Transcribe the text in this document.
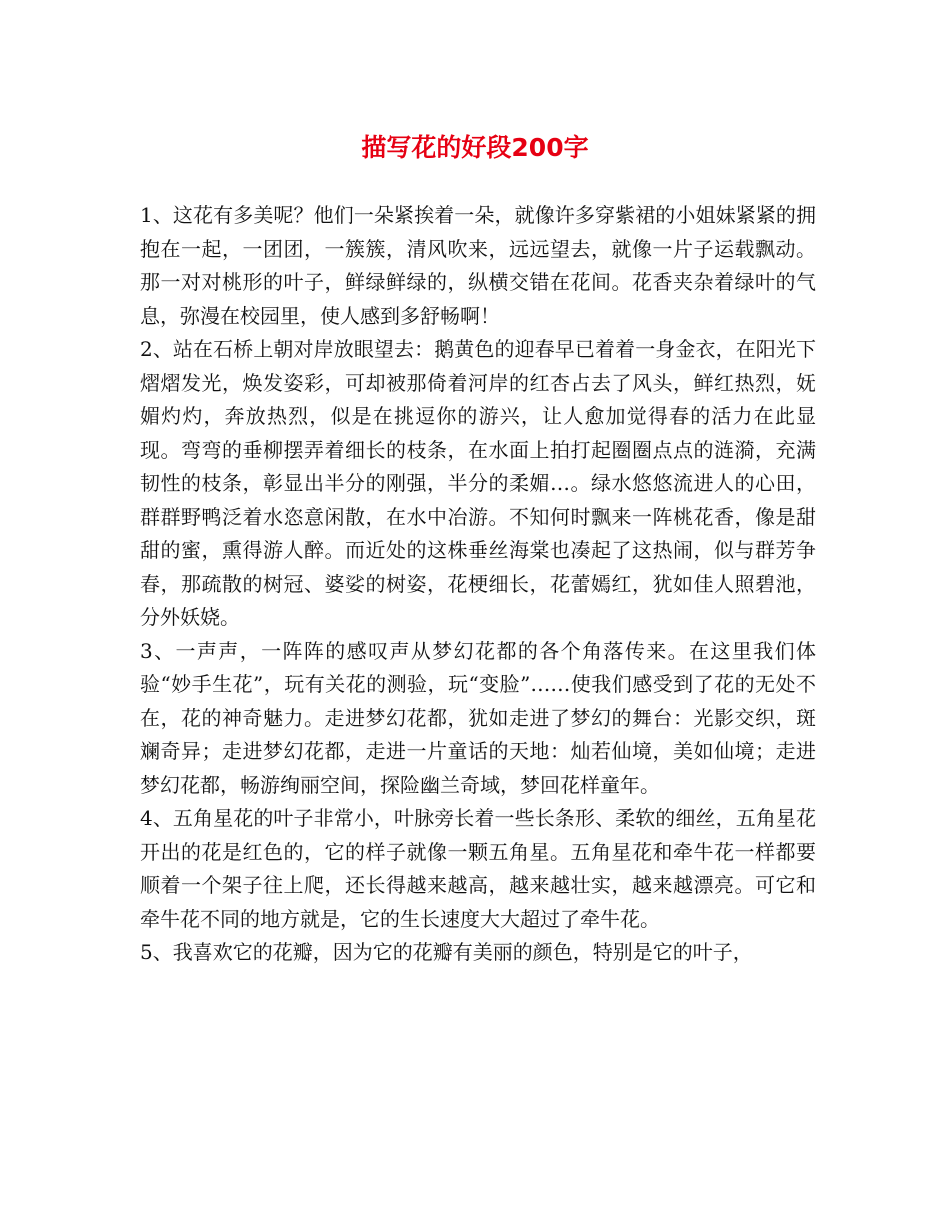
描写花的好段200字

1、这花有多美呢？他们一朵紧挨着一朵，就像许多穿紫裙的小姐妹紧紧的拥抱在一起，一团团，一簇簇，清风吹来，远远望去，就像一片子运载飘动。那一对对桃形的叶子，鲜绿鲜绿的，纵横交错在花间。花香夹杂着绿叶的气息，弥漫在校园里，使人感到多舒畅啊！

2、站在石桥上朝对岸放眼望去：鹅黄色的迎春早已着着一身金衣，在阳光下熠熠发光，焕发姿彩，可却被那倚着河岸的红杏占去了风头，鲜红热烈，妩媚灼灼，奔放热烈，似是在挑逗你的游兴，让人愈加觉得春的活力在此显现。弯弯的垂柳摆弄着细长的枝条，在水面上拍打起圈圈点点的涟漪，充满韧性的枝条，彰显出半分的刚强，半分的柔媚…。绿水悠悠流进人的心田，群群野鸭泛着水恣意闲散，在水中冶游。不知何时飘来一阵桃花香，像是甜甜的蜜，熏得游人醉。而近处的这株垂丝海棠也凑起了这热闹，似与群芳争春，那疏散的树冠、婆娑的树姿，花梗细长，花蕾嫣红，犹如佳人照碧池，分外妖娆。

3、一声声，一阵阵的感叹声从梦幻花都的各个角落传来。在这里我们体验“妙手生花”，玩有关花的测验，玩“变脸”……使我们感受到了花的无处不在，花的神奇魅力。走进梦幻花都，犹如走进了梦幻的舞台：光影交织，斑斓奇异；走进梦幻花都，走进一片童话的天地：灿若仙境，美如仙境；走进梦幻花都，畅游绚丽空间，探险幽兰奇域，梦回花样童年。

4、五角星花的叶子非常小，叶脉旁长着一些长条形、柔软的细丝，五角星花开出的花是红色的，它的样子就像一颗五角星。五角星花和牵牛花一样都要顺着一个架子往上爬，还长得越来越高，越来越壮实，越来越漂亮。可它和牵牛花不同的地方就是，它的生长速度大大超过了牵牛花。

5、我喜欢它的花瓣，因为它的花瓣有美丽的颜色，特别是它的叶子，
